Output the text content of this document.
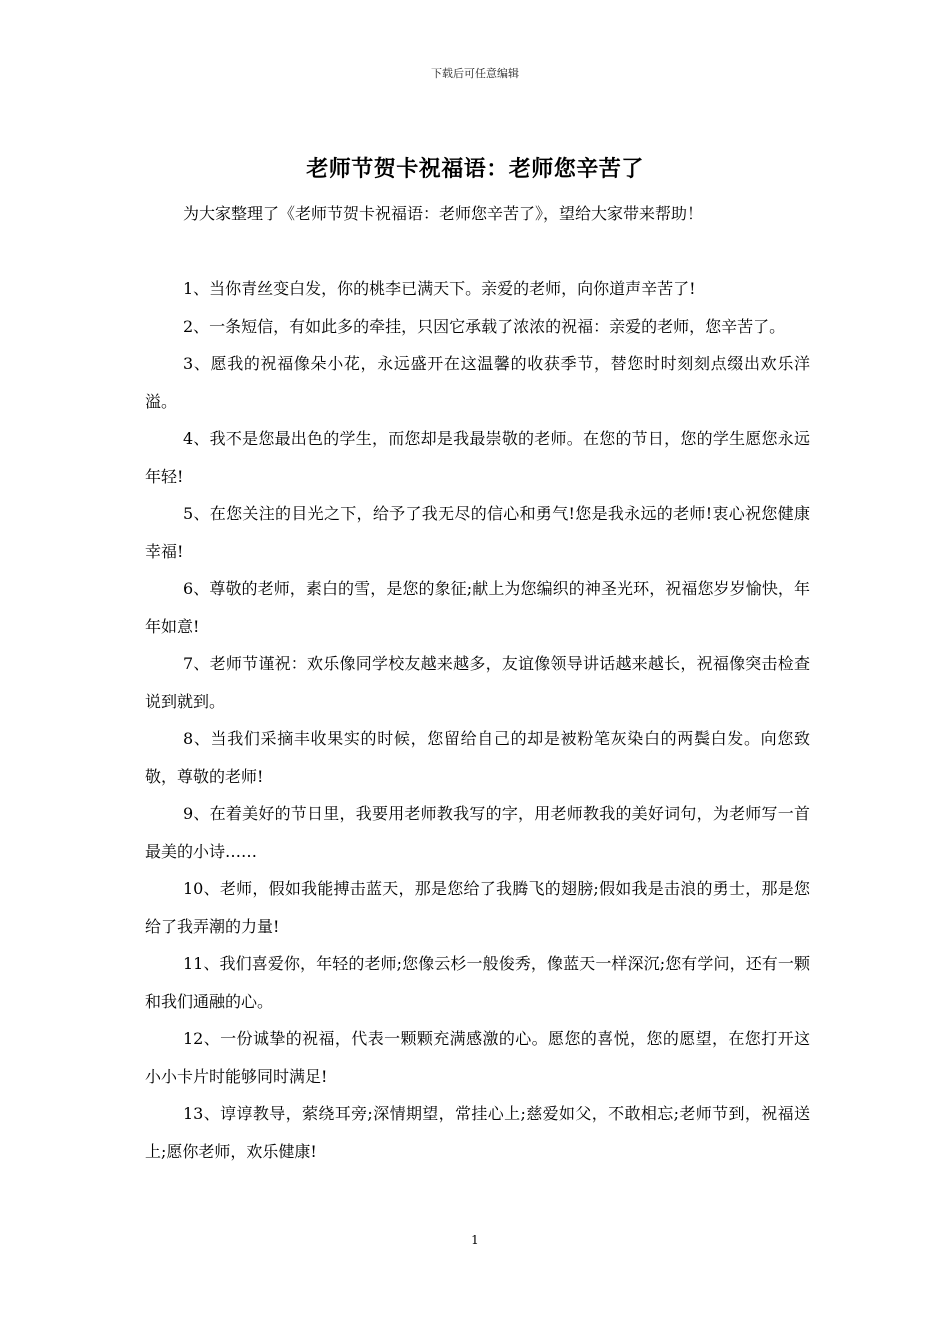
下载后可任意编辑
老师节贺卡祝福语：老师您辛苦了
为大家整理了《老师节贺卡祝福语：老师您辛苦了》，望给大家带来帮助！

1、当你青丝变白发，你的桃李已满天下。亲爱的老师，向你道声辛苦了!

2、一条短信，有如此多的牵挂，只因它承载了浓浓的祝福：亲爱的老师，您辛苦了。

3、愿我的祝福像朵小花，永远盛开在这温馨的收获季节，替您时时刻刻点缀出欢乐洋溢。

4、我不是您最出色的学生，而您却是我最崇敬的老师。在您的节日，您的学生愿您永远年轻!

5、在您关注的目光之下，给予了我无尽的信心和勇气!您是我永远的老师!衷心祝您健康幸福!

6、尊敬的老师，素白的雪，是您的象征;献上为您编织的神圣光环，祝福您岁岁愉快，年年如意!

7、老师节谨祝：欢乐像同学校友越来越多，友谊像领导讲话越来越长，祝福像突击检查说到就到。

8、当我们采摘丰收果实的时候，您留给自己的却是被粉笔灰染白的两鬓白发。向您致敬，尊敬的老师!

9、在着美好的节日里，我要用老师教我写的字，用老师教我的美好词句，为老师写一首最美的小诗……

10、老师，假如我能搏击蓝天，那是您给了我腾飞的翅膀;假如我是击浪的勇士，那是您给了我弄潮的力量!

11、我们喜爱你，年轻的老师;您像云杉一般俊秀，像蓝天一样深沉;您有学问，还有一颗和我们通融的心。

12、一份诚挚的祝福，代表一颗颗充满感激的心。愿您的喜悦，您的愿望，在您打开这小小卡片时能够同时满足!

13、谆谆教导，萦绕耳旁;深情期望，常挂心上;慈爱如父，不敢相忘;老师节到，祝福送上;愿你老师，欢乐健康!

1
